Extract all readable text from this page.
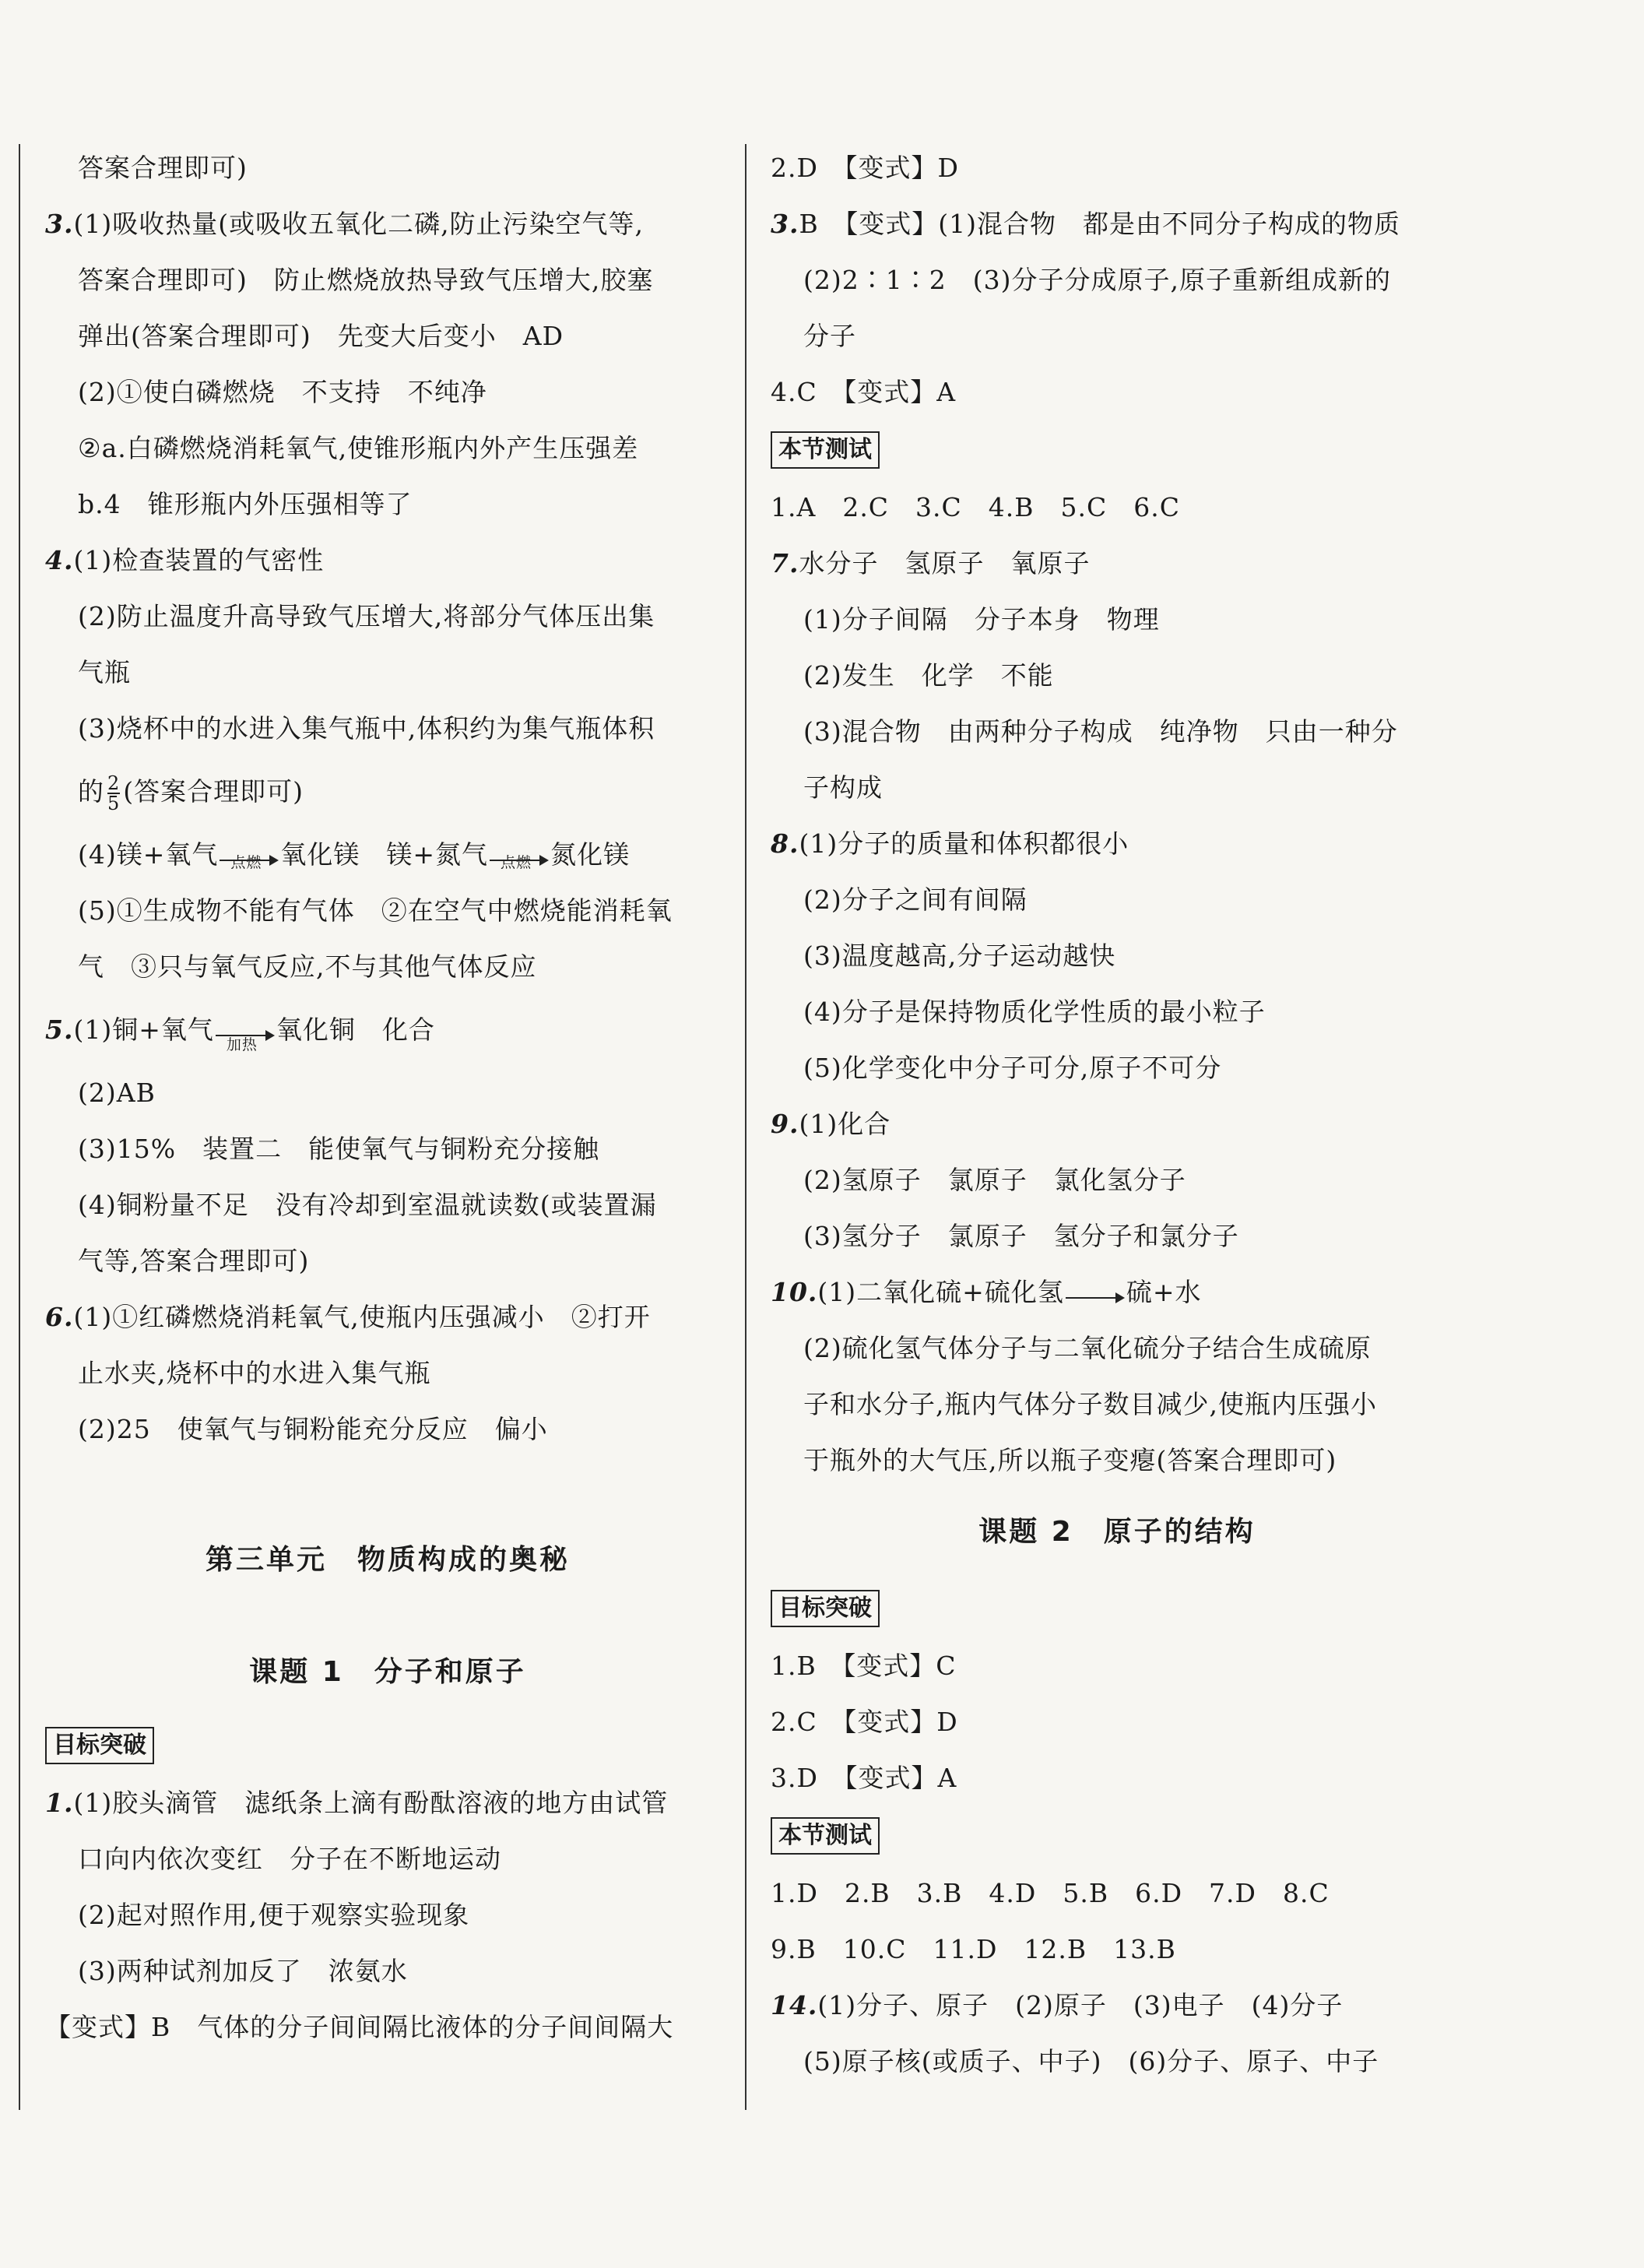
答案合理即可)
3.(1)吸收热量(或吸收五氧化二磷,防止污染空气等,
答案合理即可)　防止燃烧放热导致气压增大,胶塞
弹出(答案合理即可)　先变大后变小　AD
(2)①使白磷燃烧　不支持　不纯净
②a.白磷燃烧消耗氧气,使锥形瓶内外产生压强差
b.4　锥形瓶内外压强相等了
4.(1)检查装置的气密性
(2)防止温度升高导致气压增大,将部分气体压出集
气瓶
(3)烧杯中的水进入集气瓶中,体积约为集气瓶体积
的 $\frac{2}{5}$ (答案合理即可)
(4)镁+氧气 点燃 氧化镁　镁+氮气 点燃 氮化镁
(5)①生成物不能有气体　②在空气中燃烧能消耗氧
气　③只与氧气反应,不与其他气体反应
5.(1)铜+氧气 加热 氧化铜　化合
(2)AB
(3)15%　装置二　能使氧气与铜粉充分接触
(4)铜粉量不足　没有冷却到室温就读数(或装置漏
气等,答案合理即可)
6.(1)①红磷燃烧消耗氧气,使瓶内压强减小　②打开
止水夹,烧杯中的水进入集气瓶
(2)25　使氧气与铜粉能充分反应　偏小
第三单元　物质构成的奥秘
课题 1　分子和原子
目标突破
1.(1)胶头滴管　滤纸条上滴有酚酞溶液的地方由试管
口向内依次变红　分子在不断地运动
(2)起对照作用,便于观察实验现象
(3)两种试剂加反了　浓氨水
【变式】B　气体的分子间间隔比液体的分子间间隔大
2.D　【变式】D
3.B　【变式】(1)混合物　都是由不同分子构成的物质
(2)2∶1∶2　(3)分子分成原子,原子重新组成新的
分子
4.C　【变式】A
本节测试
1.A　2.C　3.C　4.B　5.C　6.C
7.水分子　氢原子　氧原子
(1)分子间隔　分子本身　物理
(2)发生　化学　不能
(3)混合物　由两种分子构成　纯净物　只由一种分
子构成
8.(1)分子的质量和体积都很小
(2)分子之间有间隔
(3)温度越高,分子运动越快
(4)分子是保持物质化学性质的最小粒子
(5)化学变化中分子可分,原子不可分
9.(1)化合
(2)氢原子　氯原子　氯化氢分子
(3)氢分子　氯原子　氢分子和氯分子
10.(1)二氧化硫+硫化氢 硫+水
(2)硫化氢气体分子与二氧化硫分子结合生成硫原
子和水分子,瓶内气体分子数目减少,使瓶内压强小
于瓶外的大气压,所以瓶子变瘪(答案合理即可)
课题 2　原子的结构
目标突破
1.B　【变式】C
2.C　【变式】D
3.D　【变式】A
本节测试
1.D　2.B　3.B　4.D　5.B　6.D　7.D　8.C
9.B　10.C　11.D　12.B　13.B
14.(1)分子、原子　(2)原子　(3)电子　(4)分子
(5)原子核(或质子、中子)　(6)分子、原子、中子
